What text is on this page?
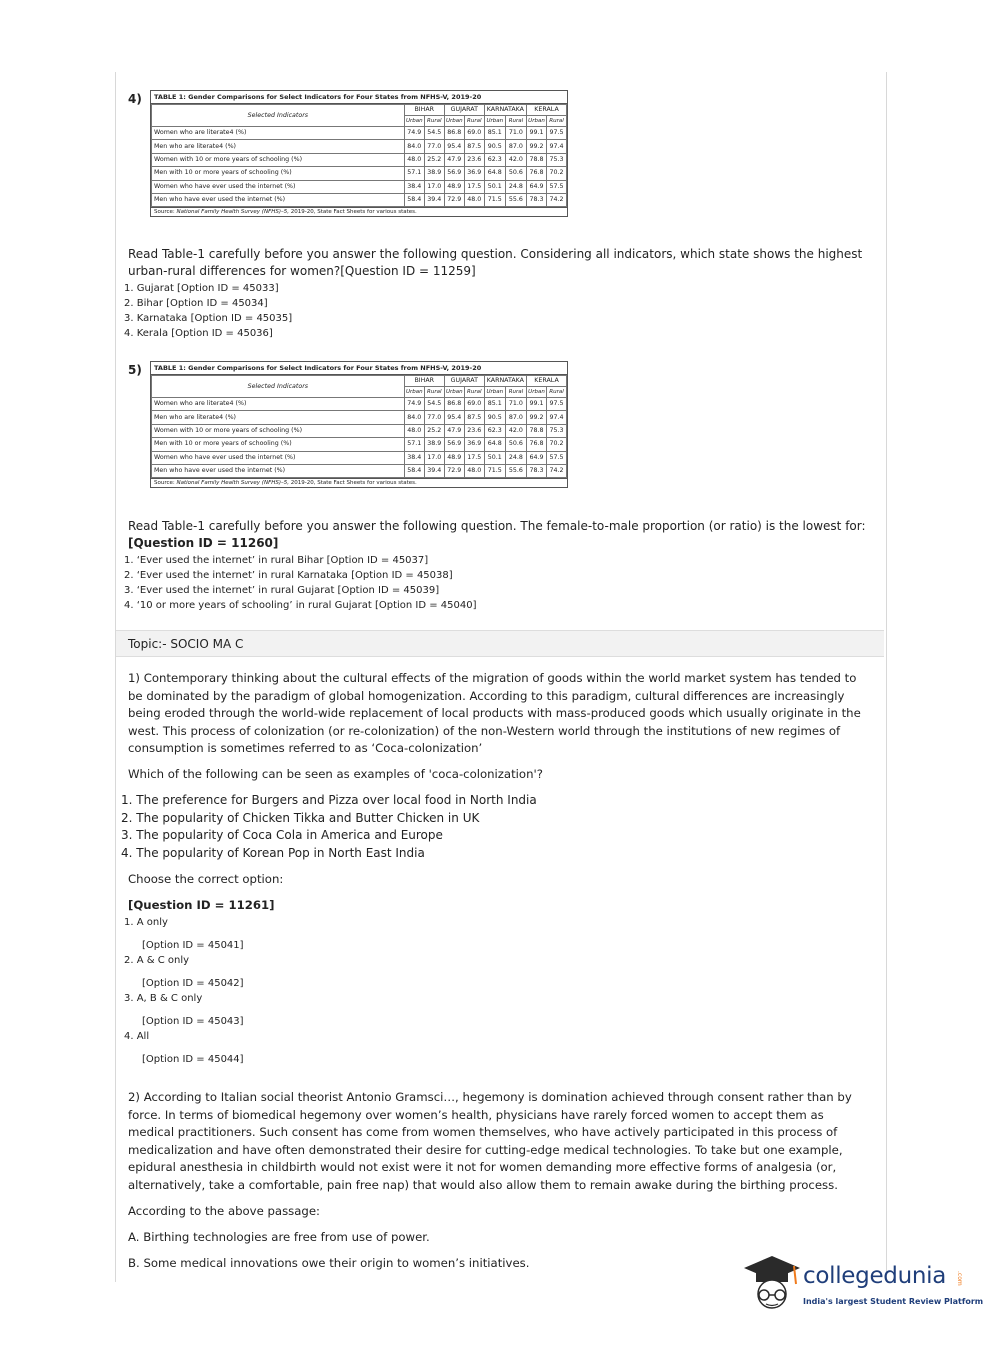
4)	TABLE 1: Gender Comparisons for Select Indicators for Four States from NFHS-V, 2019-20
Selected Indicators	BIHAR		GUJARAT		KARNATAKA		KERALA	
	Urban	Rural	Urban	Rural	Urban	Rural	Urban	Rural
Women who are literate4 (%)	74.9	54.5	86.8	69.0	85.1	71.0	99.1	97.5
Men who are literate4 (%)	84.0	77.0	95.4	87.5	90.5	87.0	99.2	97.4
Women with 10 or more years of schooling (%)	48.0	25.2	47.9	23.6	62.3	42.0	78.8	75.3
Men with 10 or more years of schooling (%)	57.1	38.9	56.9	36.9	64.8	50.6	76.8	70.2
Women who have ever used the internet (%)	38.4	17.0	48.9	17.5	50.1	24.8	64.9	57.5
Men who have ever used the internet (%)	58.4	39.4	72.9	48.0	71.5	55.6	78.3	74.2
Source: National Family Health Survey (NFHS)–5, 2019-20, State Fact Sheets for various states.
Read Table-1 carefully before you answer the following question. Considering all indicators, which state shows the highest
urban-rural differences for women?[Question ID = 11259]
1. Gujarat [Option ID = 45033]
2. Bihar [Option ID = 45034]
3. Karnataka [Option ID = 45035]
4. Kerala [Option ID = 45036]
5)	TABLE 1: Gender Comparisons for Select Indicators for Four States from NFHS-V, 2019-20
Selected Indicators	BIHAR		GUJARAT		KARNATAKA		KERALA	
	Urban	Rural	Urban	Rural	Urban	Rural	Urban	Rural
Women who are literate4 (%)	74.9	54.5	86.8	69.0	85.1	71.0	99.1	97.5
Men who are literate4 (%)	84.0	77.0	95.4	87.5	90.5	87.0	99.2	97.4
Women with 10 or more years of schooling (%)	48.0	25.2	47.9	23.6	62.3	42.0	78.8	75.3
Men with 10 or more years of schooling (%)	57.1	38.9	56.9	36.9	64.8	50.6	76.8	70.2
Women who have ever used the internet (%)	38.4	17.0	48.9	17.5	50.1	24.8	64.9	57.5
Men who have ever used the internet (%)	58.4	39.4	72.9	48.0	71.5	55.6	78.3	74.2
Source: National Family Health Survey (NFHS)–5, 2019-20, State Fact Sheets for various states.
Read Table-1 carefully before you answer the following question. The female-to-male proportion (or ratio) is the lowest for:
[Question ID = 11260]
1. ‘Ever used the internet’ in rural Bihar [Option ID = 45037]
2. ‘Ever used the internet’ in rural Karnataka [Option ID = 45038]
3. ‘Ever used the internet’ in rural Gujarat [Option ID = 45039]
4. ‘10 or more years of schooling’ in rural Gujarat [Option ID = 45040]
Topic:- SOCIO MA C
1) Contemporary thinking about the cultural effects of the migration of goods within the world market system has tended to
be dominated by the paradigm of global homogenization. According to this paradigm, cultural differences are increasingly
being eroded through the world-wide replacement of local products with mass-produced goods which usually originate in the
west. This process of colonization (or re-colonization) of the non-Western world through the institutions of new regimes of
consumption is sometimes referred to as ‘Coca-colonization’
Which of the following can be seen as examples of 'coca-colonization'?
1. The preference for Burgers and Pizza over local food in North India
2. The popularity of Chicken Tikka and Butter Chicken in UK
3. The popularity of Coca Cola in America and Europe
4. The popularity of Korean Pop in North East India
Choose the correct option:
[Question ID = 11261]
1. A only
[Option ID = 45041]
2. A & C only
[Option ID = 45042]
3. A, B & C only
[Option ID = 45043]
4. All
[Option ID = 45044]
2) According to Italian social theorist Antonio Gramsci…, hegemony is domination achieved through consent rather than by
force. In terms of biomedical hegemony over women’s health, physicians have rarely forced women to accept them as
medical practitioners. Such consent has come from women themselves, who have actively participated in this process of
medicalization and have often demonstrated their desire for cutting-edge medical technologies. To take but one example,
epidural anesthesia in childbirth would not exist were it not for women demanding more effective forms of analgesia (or,
alternatively, take a comfortable, pain free nap) that would also allow them to remain awake during the birthing process.
According to the above passage:
A. Birthing technologies are free from use of power.
B. Some medical innovations owe their origin to women’s initiatives.	collegedunia .com
India's largest Student Review Platform
